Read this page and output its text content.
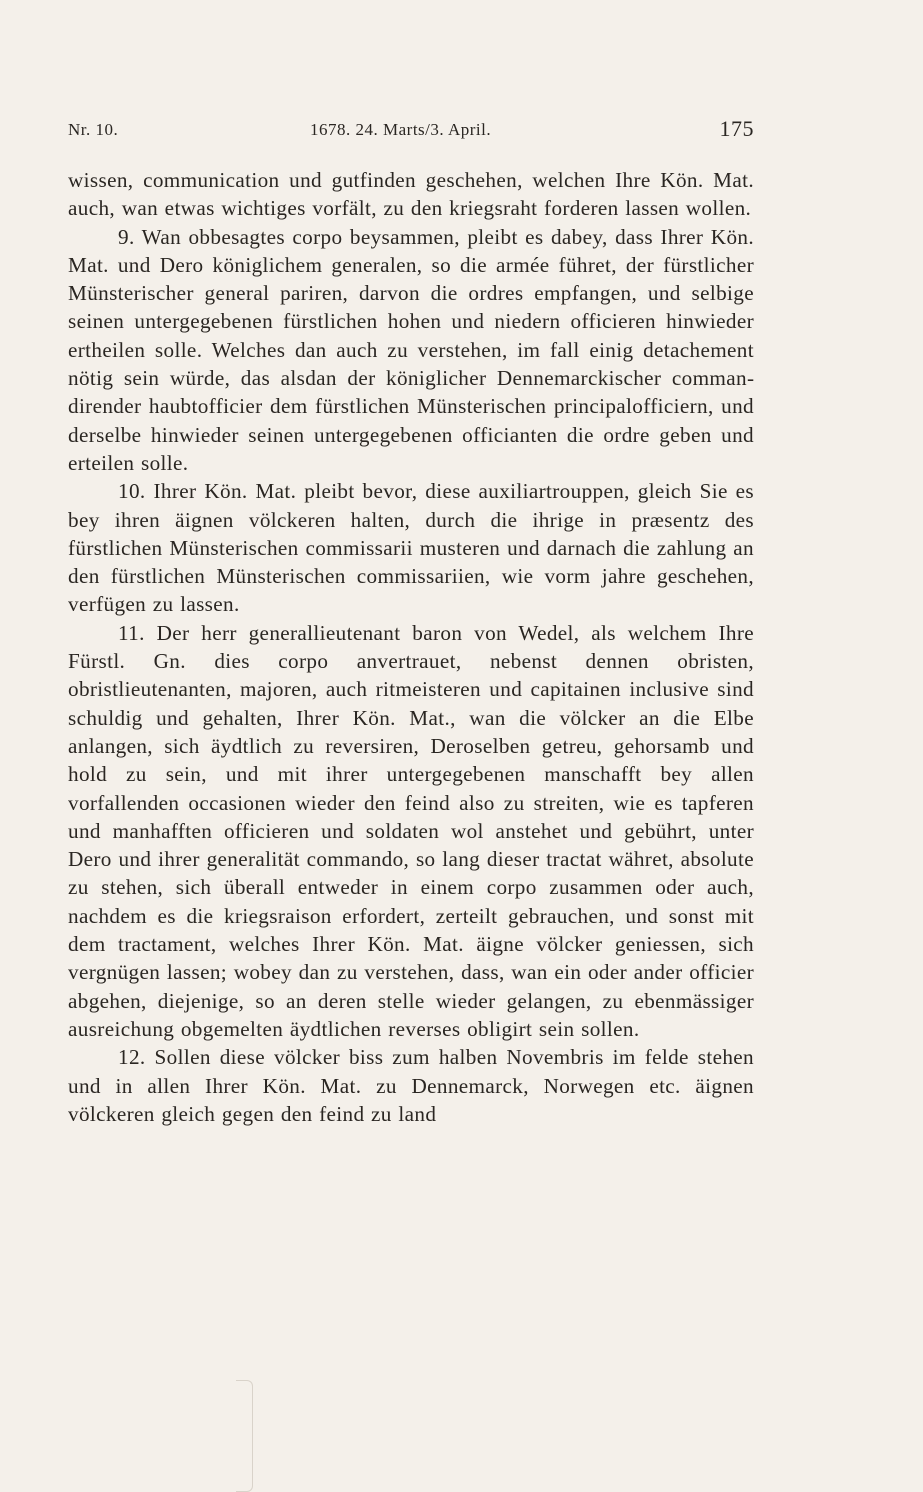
Nr. 10.	1678. 24. Marts/3. April.	175

wissen, communication und gutfinden geschehen, welchen Ihre Kön. Mat. auch, wan etwas wichtiges vorfält, zu den kriegsraht forderen lassen wollen.

9. Wan obbesagtes corpo beysammen, pleibt es dabey, dass Ihrer Kön. Mat. und Dero königlichem generalen, so die armée führet, der fürstlicher Münsterischer general pariren, darvon die ordres empfangen, und selbige seinen untergegebenen fürstlichen hohen und niedern officieren hinwieder ertheilen solle. Welches dan auch zu verstehen, im fall einig detachement nötig sein würde, das alsdan der königlicher Dennemarckischer commandirender haubtofficier dem fürstlichen Münsterischen principalofficiern, und derselbe hinwieder seinen untergegebenen officianten die ordre geben und erteilen solle.

10. Ihrer Kön. Mat. pleibt bevor, diese auxiliartrouppen, gleich Sie es bey ihren äignen völckeren halten, durch die ihrige in præsentz des fürstlichen Münsterischen commissarii musteren und darnach die zahlung an den fürstlichen Münsterischen commissariien, wie vorm jahre geschehen, verfügen zu lassen.

11. Der herr generallieutenant baron von Wedel, als welchem Ihre Fürstl. Gn. dies corpo anvertrauet, nebenst dennen obristen, obristlieutenanten, majoren, auch ritmeisteren und capitainen inclusive sind schuldig und gehalten, Ihrer Kön. Mat., wan die völcker an die Elbe anlangen, sich äydtlich zu reversiren, Deroselben getreu, gehorsamb und hold zu sein, und mit ihrer untergegebenen manschafft bey allen vorfallenden occasionen wieder den feind also zu streiten, wie es tapferen und manhafften officieren und soldaten wol anstehet und gebührt, unter Dero und ihrer generalität commando, so lang dieser tractat währet, absolute zu stehen, sich überall entweder in einem corpo zusammen oder auch, nachdem es die kriegsraison erfordert, zerteilt gebrauchen, und sonst mit dem tractament, welches Ihrer Kön. Mat. äigne völcker geniessen, sich vergnügen lassen; wobey dan zu verstehen, dass, wan ein oder ander officier abgehen, diejenige, so an deren stelle wieder gelangen, zu ebenmässiger ausreichung obgemelten äydtlichen reverses obligirt sein sollen.

12. Sollen diese völcker biss zum halben Novembris im felde stehen und in allen Ihrer Kön. Mat. zu Dennemarck, Norwegen etc. äignen völckeren gleich gegen den feind zu land
